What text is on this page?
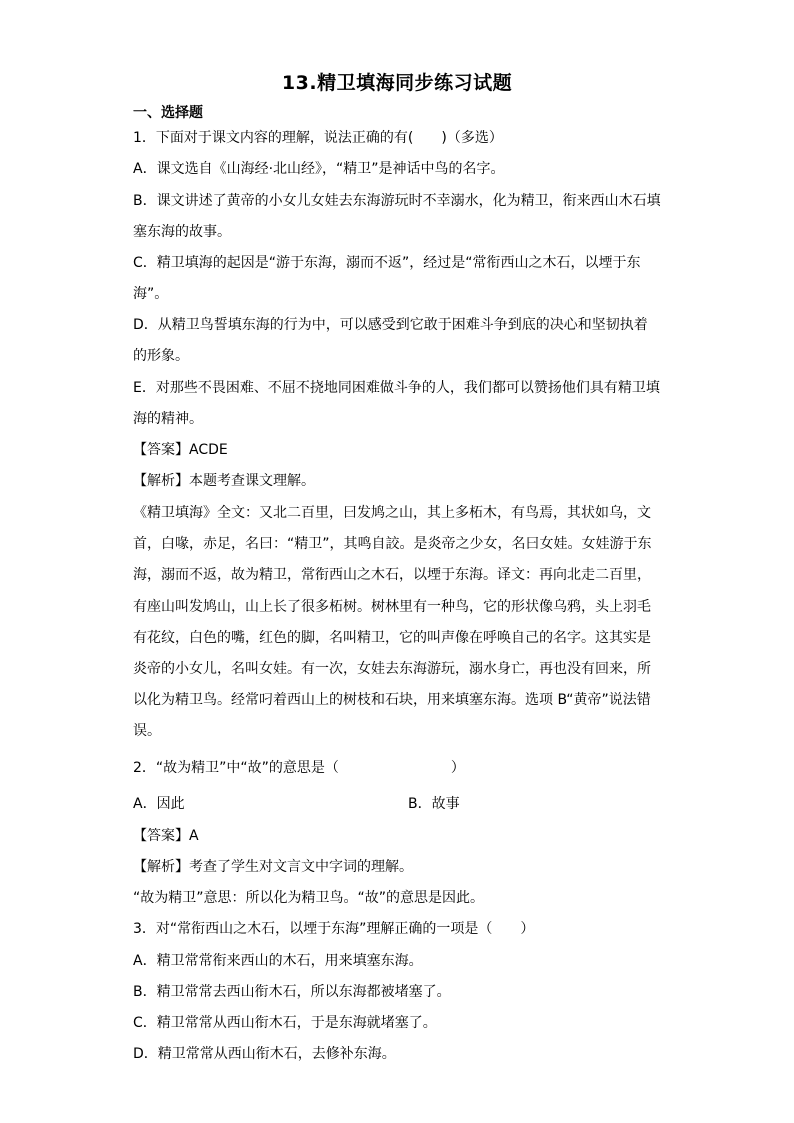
13.精卫填海同步练习试题
一、选择题
1．下面对于课文内容的理解，说法正确的有(　　)（多选）
A．课文选自《山海经·北山经》，“精卫”是神话中鸟的名字。
B．课文讲述了黄帝的小女儿女娃去东海游玩时不幸溺水，化为精卫，衔来西山木石填
塞东海的故事。
C．精卫填海的起因是“游于东海，溺而不返”，经过是“常衔西山之木石，以堙于东
海”。
D．从精卫鸟誓填东海的行为中，可以感受到它敢于困难斗争到底的决心和坚韧执着
的形象。
E．对那些不畏困难、不屈不挠地同困难做斗争的人，我们都可以赞扬他们具有精卫填
海的精神。
【答案】ACDE
【解析】本题考查课文理解。
《精卫填海》全文：又北二百里，曰发鸠之山，其上多柘木，有鸟焉，其状如乌，文
首，白喙，赤足，名曰：“精卫”，其鸣自詨。是炎帝之少女，名曰女娃。女娃游于东
海，溺而不返，故为精卫，常衔西山之木石，以堙于东海。译文：再向北走二百里，
有座山叫发鸠山，山上长了很多柘树。树林里有一种鸟，它的形状像乌鸦，头上羽毛
有花纹，白色的嘴，红色的脚，名叫精卫，它的叫声像在呼唤自己的名字。这其实是
炎帝的小女儿，名叫女娃。有一次，女娃去东海游玩，溺水身亡，再也没有回来，所
以化为精卫鸟。经常叼着西山上的树枝和石块，用来填塞东海。选项 B“黄帝”说法错
误。
2．“故为精卫”中“故”的意思是（　　　　　　　　）
A．因此	B．故事
【答案】A
【解析】考查了学生对文言文中字词的理解。
“故为精卫”意思：所以化为精卫鸟。“故”的意思是因此。
3．对“常衔西山之木石，以堙于东海”理解正确的一项是（　　）
A．精卫常常衔来西山的木石，用来填塞东海。
B．精卫常常去西山衔木石，所以东海都被堵塞了。
C．精卫常常从西山衔木石，于是东海就堵塞了。
D．精卫常常从西山衔木石，去修补东海。
